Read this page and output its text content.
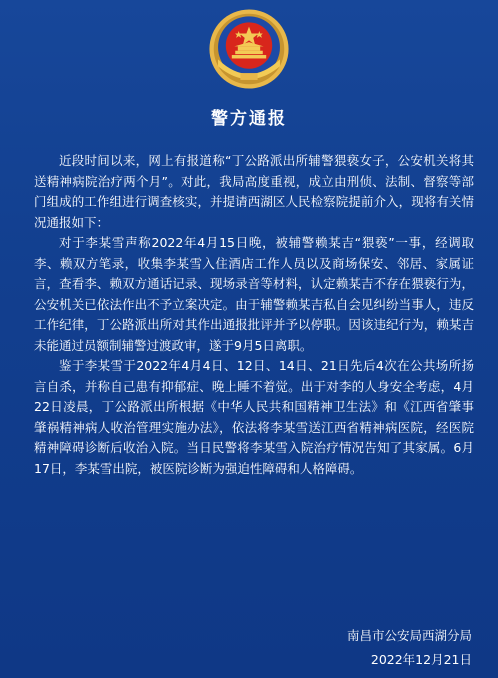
警方通报

近段时间以来，网上有报道称“丁公路派出所辅警猥亵女子，公安机关将其送精神病院治疗两个月”。对此，我局高度重视，成立由刑侦、法制、督察等部门组成的工作组进行调查核实，并提请西湖区人民检察院提前介入，现将有关情况通报如下：

对于李某雪声称2022年4月15日晚，被辅警赖某吉“猥亵”一事，经调取李、赖双方笔录，收集李某雪入住酒店工作人员以及商场保安、邻居、家属证言，查看李、赖双方通话记录、现场录音等材料，认定赖某吉不存在猥亵行为，公安机关已依法作出不予立案决定。由于辅警赖某吉私自会见纠纷当事人，违反工作纪律，丁公路派出所对其作出通报批评并予以停职。因该违纪行为，赖某吉未能通过员额制辅警过渡政审，遂于9月5日离职。

鉴于李某雪于2022年4月4日、12日、14日、21日先后4次在公共场所扬言自杀，并称自己患有抑郁症、晚上睡不着觉。出于对李的人身安全考虑，4月22日凌晨，丁公路派出所根据《中华人民共和国精神卫生法》和《江西省肇事肇祸精神病人收治管理实施办法》，依法将李某雪送江西省精神病医院，经医院精神障碍诊断后收治入院。当日民警将李某雪入院治疗情况告知了其家属。6月17日，李某雪出院，被医院诊断为强迫性障碍和人格障碍。

南昌市公安局西湖分局
2022年12月21日
